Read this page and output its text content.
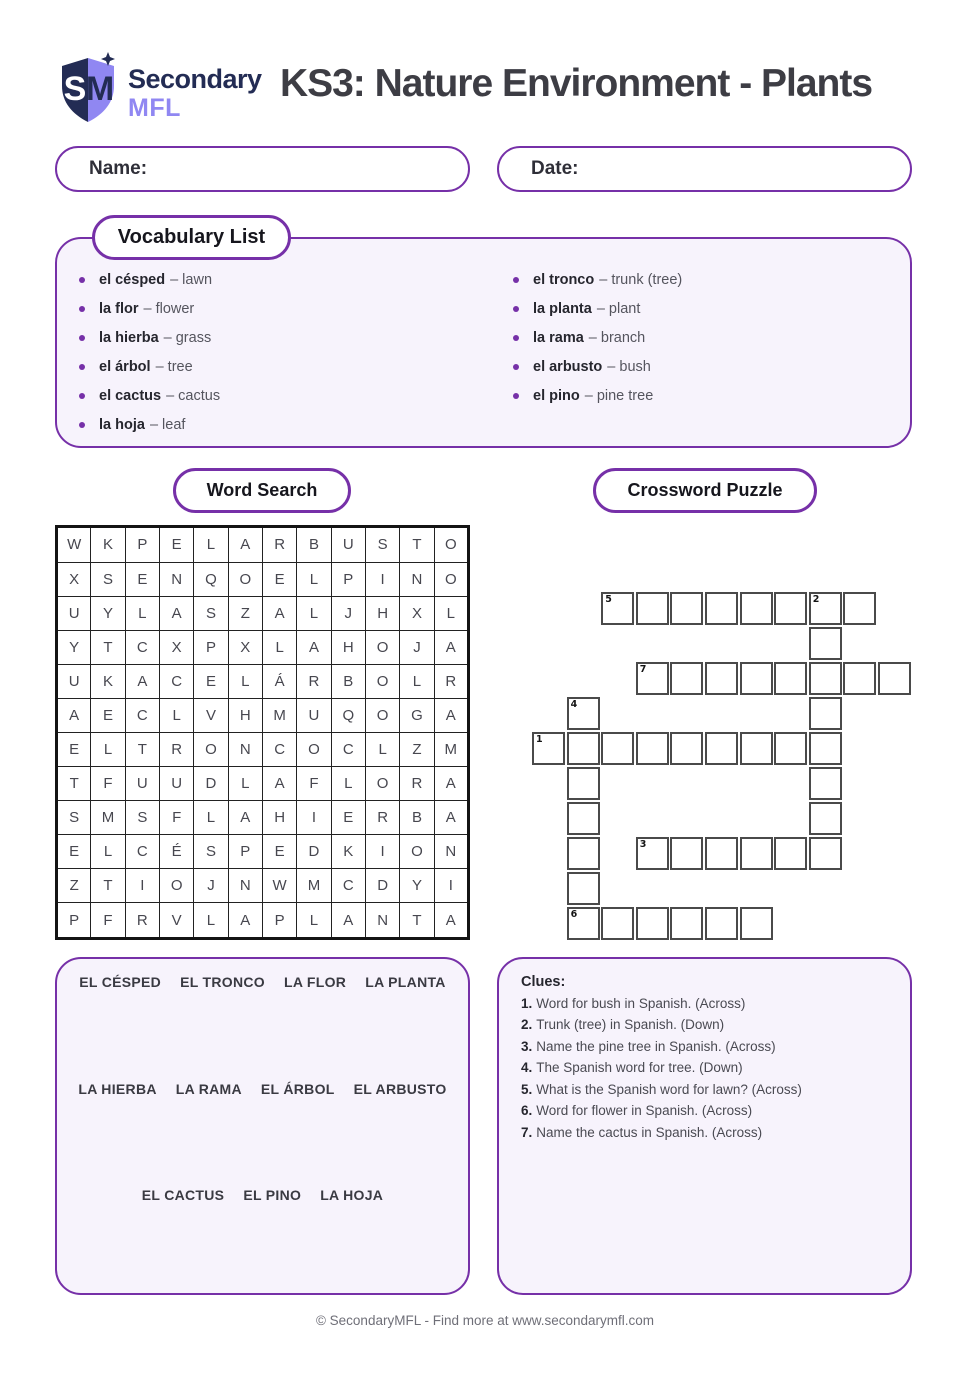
S M Secondary
MFL
KS3: Nature Environment - Plants
Name:	Date:
el césped – lawn
la flor – flower
la hierba – grass
el árbol – tree
el cactus – cactus
la hoja – leaf
el tronco – trunk (tree)
la planta – plant
la rama – branch
el arbusto – bush
el pino – pine tree
Vocabulary List
Word Search	Crossword Puzzle
W	K	P	E	L	A	R	B	U	S	T	O
X	S	E	N	Q	O	E	L	P	I	N	O
U	Y	L	A	S	Z	A	L	J	H	X	L
Y	T	C	X	P	X	L	A	H	O	J	A
U	K	A	C	E	L	Á	R	B	O	L	R
A	E	C	L	V	H	M	U	Q	O	G	A
E	L	T	R	O	N	C	O	C	L	Z	M
T	F	U	U	D	L	A	F	L	O	R	A
S	M	S	F	L	A	H	I	E	R	B	A
E	L	C	É	S	P	E	D	K	I	O	N
Z	T	I	O	J	N	W	M	C	D	Y	I
P	F	R	V	L	A	P	L	A	N	T	A
5	2
7
4
1
3
6
EL CÉSPED EL TRONCO LA FLOR LA PLANTA
LA HIERBA LA RAMA EL ÁRBOL EL ARBUSTO
EL CACTUS EL PINO LA HOJA
Clues:
1. Word for bush in Spanish. (Across)
2. Trunk (tree) in Spanish. (Down)
3. Name the pine tree in Spanish. (Across)
4. The Spanish word for tree. (Down)
5. What is the Spanish word for lawn? (Across)
6. Word for flower in Spanish. (Across)
7. Name the cactus in Spanish. (Across)
© SecondaryMFL - Find more at www.secondarymfl.com
